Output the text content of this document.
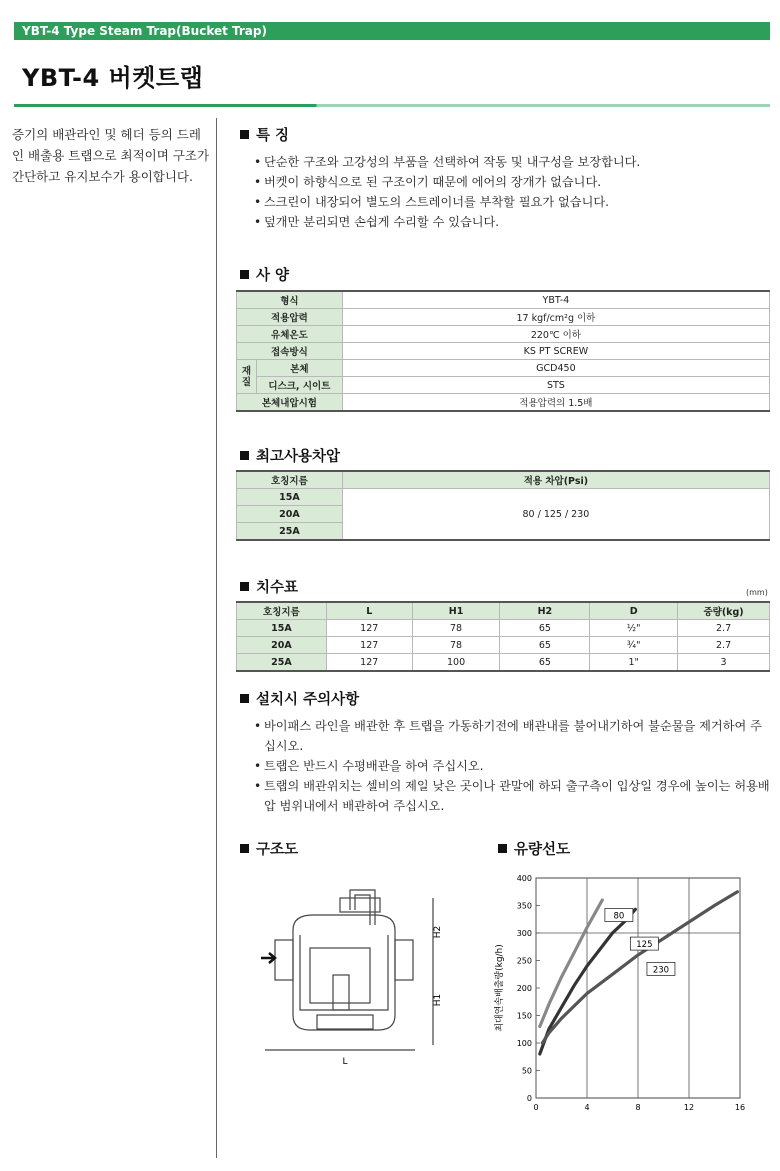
YBT-4 Type Steam Trap(Bucket Trap)
YBT-4 버켓트랩
증기의 배관라인 및 헤더 등의 드레인 배출용 트랩으로 최적이며 구조가 간단하고 유지보수가 용이합니다.
특 징
• 단순한 구조와 고강성의 부품을 선택하여 작동 및 내구성을 보장합니다.
• 버켓이 하향식으로 된 구조이기 때문에 에어의 장개가 없습니다.
• 스크린이 내장되어 별도의 스트레이너를 부착할 필요가 없습니다.
• 덮개만 분리되면 손쉽게 수리할 수 있습니다.
사 양
형식		YBT-4
적용압력		17 kgf/cm²g 이하
유체온도		220℃ 이하
접속방식		KS PT SCREW
재
질	본체	GCD450
	디스크, 시이트	STS
본체내압시험		적용압력의 1.5배
최고사용차압
호칭지름	적용 차압(Psi)
15A	80 / 125 / 230
20A	
25A	
치수표	(mm)
호칭지름	L	H1	H2	D	중량(kg)
15A	127	78	65	½"	2.7
20A	127	78	65	¾"	2.7
25A	127	100	65	1"	3
설치시 주의사항
• 바이패스 라인을 배관한 후 트랩을 가동하기전에 배관내를 불어내기하여 불순물을 제거하여 주십시오.
• 트랩은 반드시 수평배관을 하여 주십시오.
• 트랩의 배관위치는 셀비의 제일 낮은 곳이나 관말에 하되 출구측이 입상일 경우에 높이는 허용배압 범위내에서 배관하여 주십시오.
구조도
L
H2
H1
유량선도
0	4	8	12	16
0
50
100
150
200
250
300
350
400
80
125
230
최대연속배출량(kg/h)
